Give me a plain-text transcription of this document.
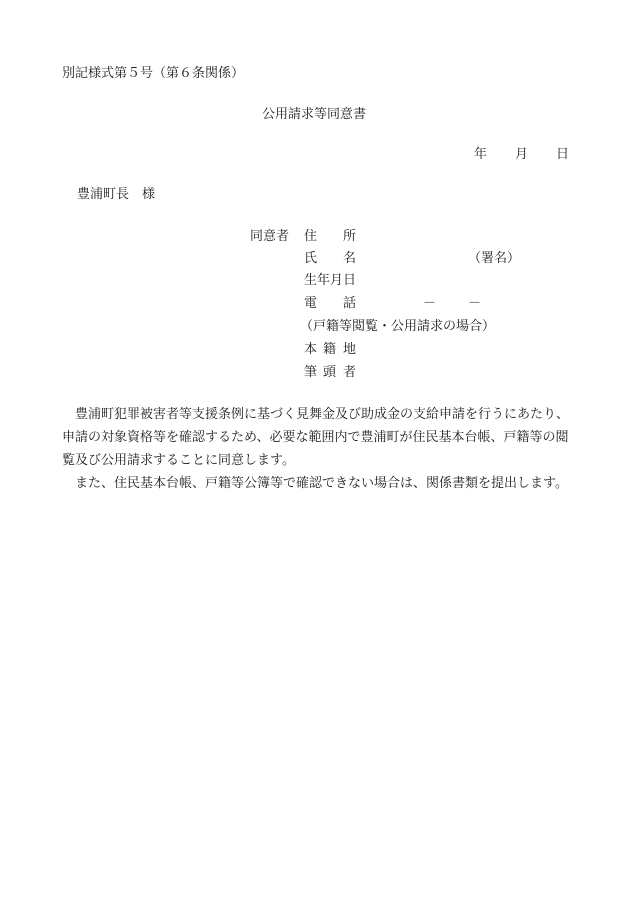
別記様式第５号（第６条関係）
公用請求等同意書
年 月 日
豊浦町長 様
同意者 住 所
氏 名	（署名）
生年月日
電 話	－ －
（戸籍等閲覧・公用請求の場合）
本 籍 地
筆 頭 者

豊浦町犯罪被害者等支援条例に基づく見舞金及び助成金の支給申請を行うにあたり、申請の対象資格等を確認するため、必要な範囲内で豊浦町が住民基本台帳、戸籍等の閲覧及び公用請求することに同意します。

また、住民基本台帳、戸籍等公簿等で確認できない場合は、関係書類を提出します。
